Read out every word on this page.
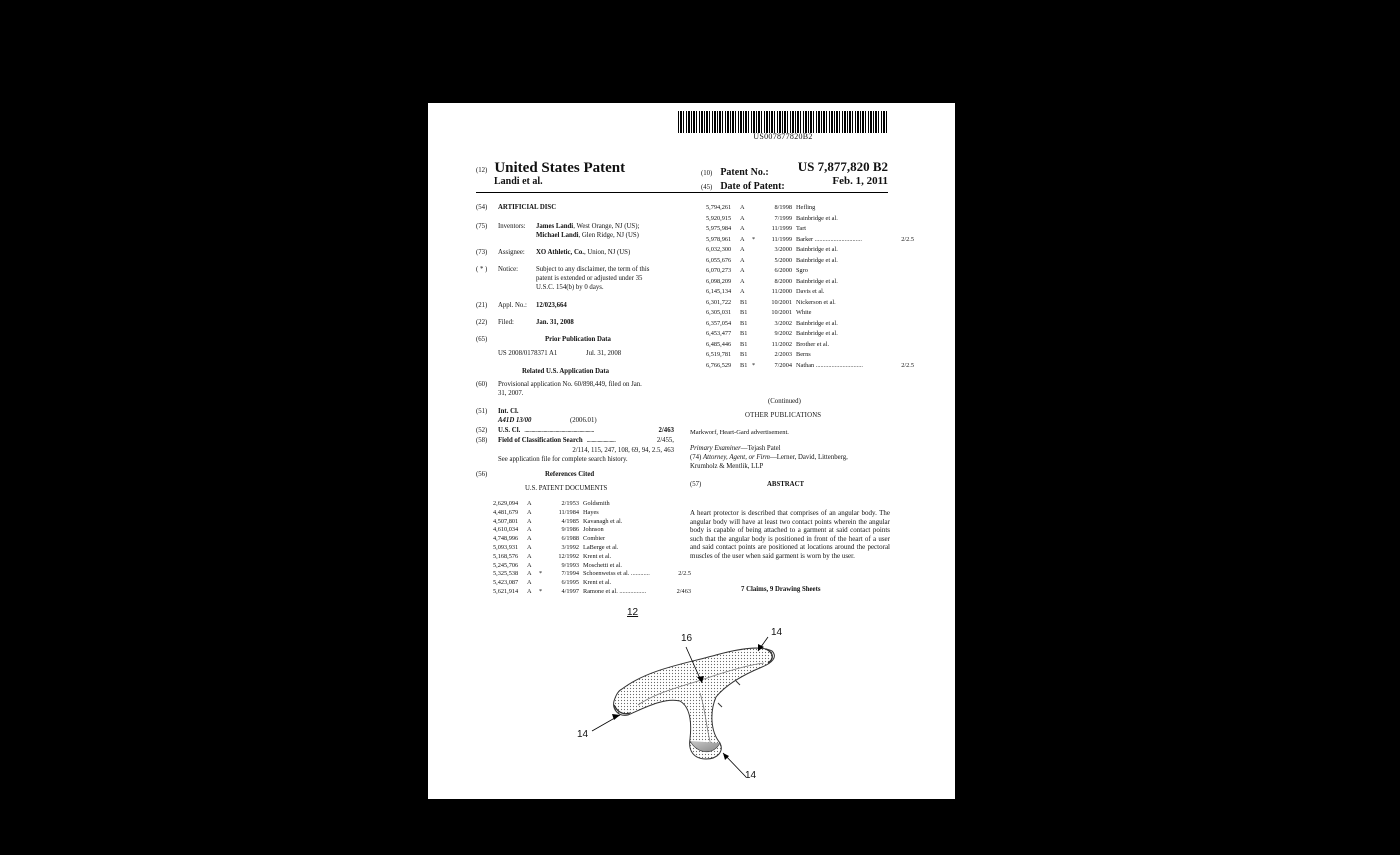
US007877820B2
(12) United States Patent
Landi et al.
(10) Patent No.: US 7,877,820 B2
(45) Date of Patent:	Feb. 1, 2011
(54) ARTIFICIAL DISC
(75) Inventors: James Landi, West Orange, NJ (US);
Michael Landi, Glen Ridge, NJ (US)
(73) Assignee: XO Athletic, Co., Union, NJ (US)
( * ) Notice:	Subject to any disclaimer, the term of this
patent is extended or adjusted under 35
U.S.C. 154(b) by 0 days.
(21) Appl. No.: 12/023,664
(22) Filed:	Jan. 31, 2008
(65)	Prior Publication Data
US 2008/0178371 A1	Jul. 31, 2008
Related U.S. Application Data
(60) Provisional application No. 60/898,449, filed on Jan.
31, 2007.
(51) Int. Cl.
A41D 13/00	(2006.01)
(52) U.S. Cl. ..........................................................	2/463
(58) Field of Classification Search ........................	2/455,
2/114, 115, 247, 108, 69, 94, 2.5, 463
See application file for complete search history.
(56)	References Cited
U.S. PATENT DOCUMENTS
2,629,094 A	2/1953 Goldsmith
4,481,679 A	11/1984 Hayes
4,507,801 A	4/1985 Kavanagh et al.
4,610,034 A	9/1986 Johnson
4,748,996 A	6/1988 Combier
5,093,931 A	3/1992 LaBerge et al.
5,168,576 A	12/1992 Krent et al.
5,245,706 A	9/1993 Moschetti et al.
5,325,538 A *	7/1994 Schoenweiss et al. ............	2/2.5
5,423,087 A	6/1995 Krent et al.
5,621,914 A *	4/1997 Ramone et al. .................	2/463
5,794,261 A	8/1998 Hefling
5,920,915 A	7/1999 Bainbridge et al.
5,975,984 A	11/1999 Tart
5,978,961 A *	11/1999 Barker ..............................	2/2.5
6,032,300 A	3/2000 Bainbridge et al.
6,055,676 A	5/2000 Bainbridge et al.
6,070,273 A	6/2000 Sgro
6,098,209 A	8/2000 Bainbridge et al.
6,145,134 A	11/2000 Davis et al.
6,301,722 B1	10/2001 Nickerson et al.
6,305,031 B1	10/2001 White
6,357,054 B1	3/2002 Bainbridge et al.
6,453,477 B1	9/2002 Bainbridge et al.
6,485,446 B1	11/2002 Brother et al.
6,519,781 B1	2/2003 Berns
6,766,529 B1 *	7/2004 Nathan ..............................	2/2.5
(Continued)
OTHER PUBLICATIONS
Markworf, Heart-Gard advertisement.
Primary Examiner—Tejash Patel
(74) Attorney, Agent, or Firm—Lerner, David, Littenberg,
Krumholz & Mentlik, LLP
(57)	ABSTRACT
A heart protector is described that comprises of an angular body. The angular body will have at least two contact points wherein the angular body is capable of being attached to a garment at said contact points such that the angular body is positioned in front of the heart of a user and said contact points are positioned at locations around the pectoral muscles of the user when said garment is worn by the user.
7 Claims, 9 Drawing Sheets
12
16
14
14
14
